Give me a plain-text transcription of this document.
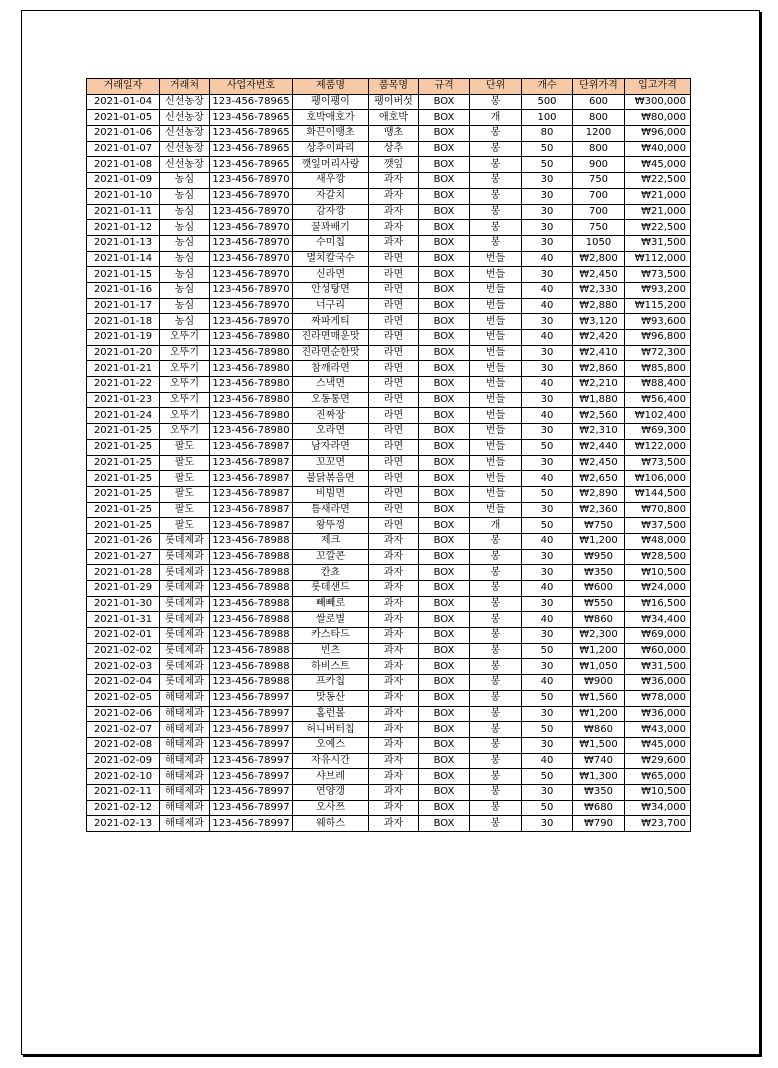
거래일자	거래처	사업자번호	제품명	품목명	규격	단위	개수	단위가격	입고가격
2021-01-04	신선농장	123-456-78965	팽이팽이	팽이버섯	BOX	봉	500	600	₩300,000
2021-01-05	신선농장	123-456-78965	호박애호가	애호박	BOX	개	100	800	₩80,000
2021-01-06	신선농장	123-456-78965	화끈이땡초	땡초	BOX	봉	80	1200	₩96,000
2021-01-07	신선농장	123-456-78965	상추이파리	상추	BOX	봉	50	800	₩40,000
2021-01-08	신선농장	123-456-78965	깻잎머리사랑	깻잎	BOX	봉	50	900	₩45,000
2021-01-09	농심	123-456-78970	새우깡	과자	BOX	봉	30	750	₩22,500
2021-01-10	농심	123-456-78970	자갈치	과자	BOX	봉	30	700	₩21,000
2021-01-11	농심	123-456-78970	감자깡	과자	BOX	봉	30	700	₩21,000
2021-01-12	농심	123-456-78970	꿀꽈배기	과자	BOX	봉	30	750	₩22,500
2021-01-13	농심	123-456-78970	수미칩	과자	BOX	봉	30	1050	₩31,500
2021-01-14	농심	123-456-78970	멸치칼국수	라면	BOX	번들	40	₩2,800	₩112,000
2021-01-15	농심	123-456-78970	신라면	라면	BOX	번들	30	₩2,450	₩73,500
2021-01-16	농심	123-456-78970	안성탕면	라면	BOX	번들	40	₩2,330	₩93,200
2021-01-17	농심	123-456-78970	너구리	라면	BOX	번들	40	₩2,880	₩115,200
2021-01-18	농심	123-456-78970	짜파게티	라면	BOX	번들	30	₩3,120	₩93,600
2021-01-19	오뚜기	123-456-78980	진라면매운맛	라면	BOX	번들	40	₩2,420	₩96,800
2021-01-20	오뚜기	123-456-78980	진라면순한맛	라면	BOX	번들	30	₩2,410	₩72,300
2021-01-21	오뚜기	123-456-78980	참깨라면	라면	BOX	번들	30	₩2,860	₩85,800
2021-01-22	오뚜기	123-456-78980	스낵면	라면	BOX	번들	40	₩2,210	₩88,400
2021-01-23	오뚜기	123-456-78980	오동통면	라면	BOX	번들	30	₩1,880	₩56,400
2021-01-24	오뚜기	123-456-78980	진짜장	라면	BOX	번들	40	₩2,560	₩102,400
2021-01-25	오뚜기	123-456-78980	오라면	라면	BOX	번들	30	₩2,310	₩69,300
2021-01-25	팔도	123-456-78987	남자라면	라면	BOX	번들	50	₩2,440	₩122,000
2021-01-25	팔도	123-456-78987	꼬꼬면	라면	BOX	번들	30	₩2,450	₩73,500
2021-01-25	팔도	123-456-78987	불닭볶음면	라면	BOX	번들	40	₩2,650	₩106,000
2021-01-25	팔도	123-456-78987	비빔면	라면	BOX	번들	50	₩2,890	₩144,500
2021-01-25	팔도	123-456-78987	틈새라면	라면	BOX	번들	30	₩2,360	₩70,800
2021-01-25	팔도	123-456-78987	왕뚜껑	라면	BOX	개	50	₩750	₩37,500
2021-01-26	롯데제과	123-456-78988	제크	과자	BOX	봉	40	₩1,200	₩48,000
2021-01-27	롯데제과	123-456-78988	꼬깔콘	과자	BOX	봉	30	₩950	₩28,500
2021-01-28	롯데제과	123-456-78988	칸쵸	과자	BOX	봉	30	₩350	₩10,500
2021-01-29	롯데제과	123-456-78988	롯데샌드	과자	BOX	봉	40	₩600	₩24,000
2021-01-30	롯데제과	123-456-78988	빼빼로	과자	BOX	봉	30	₩550	₩16,500
2021-01-31	롯데제과	123-456-78988	쌀로별	과자	BOX	봉	40	₩860	₩34,400
2021-02-01	롯데제과	123-456-78988	카스타드	과자	BOX	봉	30	₩2,300	₩69,000
2021-02-02	롯데제과	123-456-78988	빈츠	과자	BOX	봉	50	₩1,200	₩60,000
2021-02-03	롯데제과	123-456-78988	하비스트	과자	BOX	봉	30	₩1,050	₩31,500
2021-02-04	롯데제과	123-456-78988	프카칩	과자	BOX	봉	40	₩900	₩36,000
2021-02-05	해태제과	123-456-78997	맛동산	과자	BOX	봉	50	₩1,560	₩78,000
2021-02-06	해태제과	123-456-78997	홈런볼	과자	BOX	봉	30	₩1,200	₩36,000
2021-02-07	해태제과	123-456-78997	허니버터칩	과자	BOX	봉	50	₩860	₩43,000
2021-02-08	해태제과	123-456-78997	오예스	과자	BOX	봉	30	₩1,500	₩45,000
2021-02-09	해태제과	123-456-78997	자유시간	과자	BOX	봉	40	₩740	₩29,600
2021-02-10	해태제과	123-456-78997	샤브레	과자	BOX	봉	50	₩1,300	₩65,000
2021-02-11	해태제과	123-456-78997	연양갱	과자	BOX	봉	30	₩350	₩10,500
2021-02-12	해태제과	123-456-78997	오사쯔	과자	BOX	봉	50	₩680	₩34,000
2021-02-13	해태제과	123-456-78997	웨하스	과자	BOX	봉	30	₩790	₩23,700
